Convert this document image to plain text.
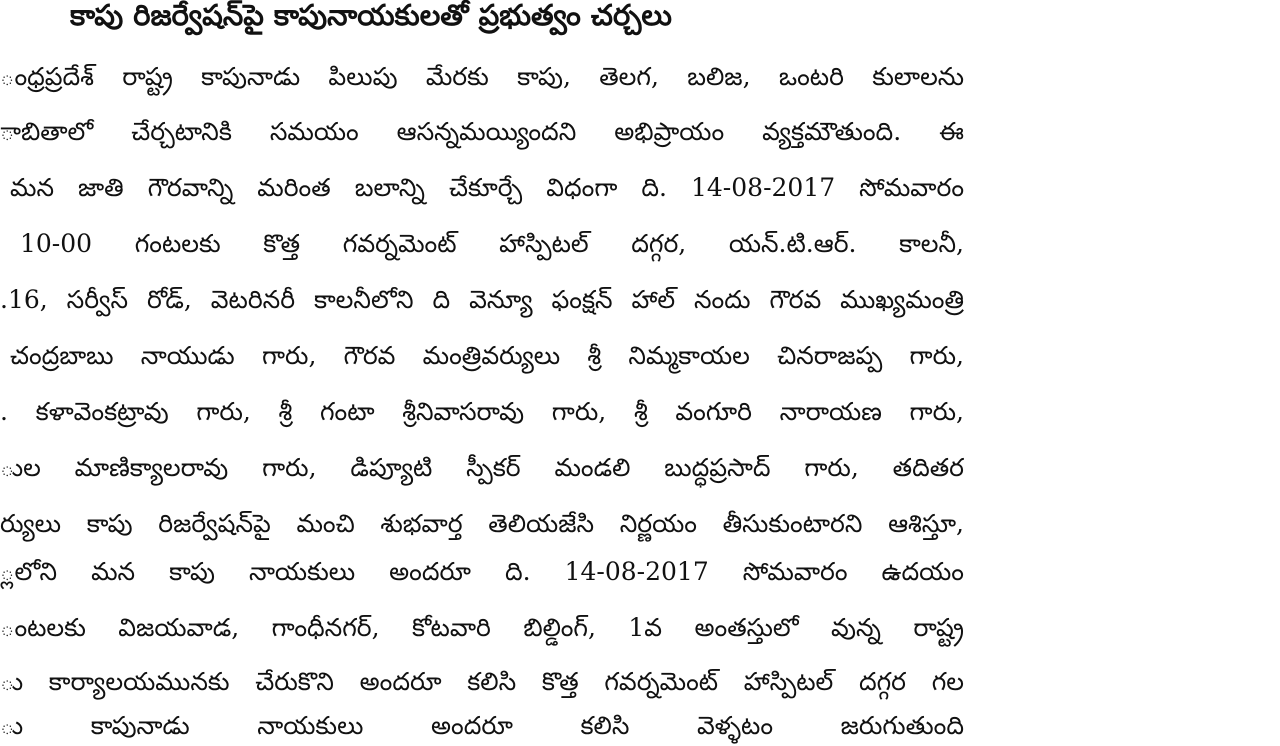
కాపు రిజర్వేషన్‌పై కాపునాయకులతో ప్రభుత్వం చర్చలు
ంధ్రప్రదేశ్ రాష్ట్ర కాపునాడు పిలుపు మేరకు కాపు, తెలగ, బలిజ, ఒంటరి కులాలను
ాబితాలో చేర్చటానికి సమయం ఆసన్నమయ్యిందని అభిప్రాయం వ్యక్తమౌతుంది. ఈ
మన జాతి గౌరవాన్ని మరింత బలాన్ని చేకూర్చే విధంగా ది. 14-08-2017 సోమవారం
10-00 గంటలకు కొత్త గవర్నమెంట్ హాస్పిటల్ దగ్గర, యన్.టి.ఆర్. కాలనీ,
.16, సర్వీస్ రోడ్, వెటరినరీ కాలనీలోని ది వెన్యూ ఫంక్షన్ హాల్ నందు గౌరవ ముఖ్యమంత్రి
చంద్రబాబు నాయుడు గారు, గౌరవ మంత్రివర్యులు శ్రీ నిమ్మకాయల చినరాజప్ప గారు,
. కళావెంకట్రావు గారు, శ్రీ గంటా శ్రీనివాసరావు గారు, శ్రీ వంగూరి నారాయణ గారు,
ుల మాణిక్యాలరావు గారు, డిప్యూటి స్పీకర్ మండలి బుద్ధప్రసాద్ గారు, తదితర
ర్యులు కాపు రిజర్వేషన్‌పై మంచి శుభవార్త తెలియజేసి నిర్ణయం తీసుకుంటారని ఆశిస్తూ,
్లలోని మన కాపు నాయకులు అందరూ ది. 14-08-2017 సోమవారం ఉదయం
ంటలకు విజయవాడ, గాంధీనగర్, కోటవారి బిల్డింగ్, 1వ అంతస్తులో వున్న రాష్ట్ర
ు కార్యాలయమునకు చేరుకొని అందరూ కలిసి కొత్త గవర్నమెంట్ హాస్పిటల్ దగ్గర గల
ు కాపునాడు నాయకులు అందరూ కలిసి వెళ్ళటం జరుగుతుంది
